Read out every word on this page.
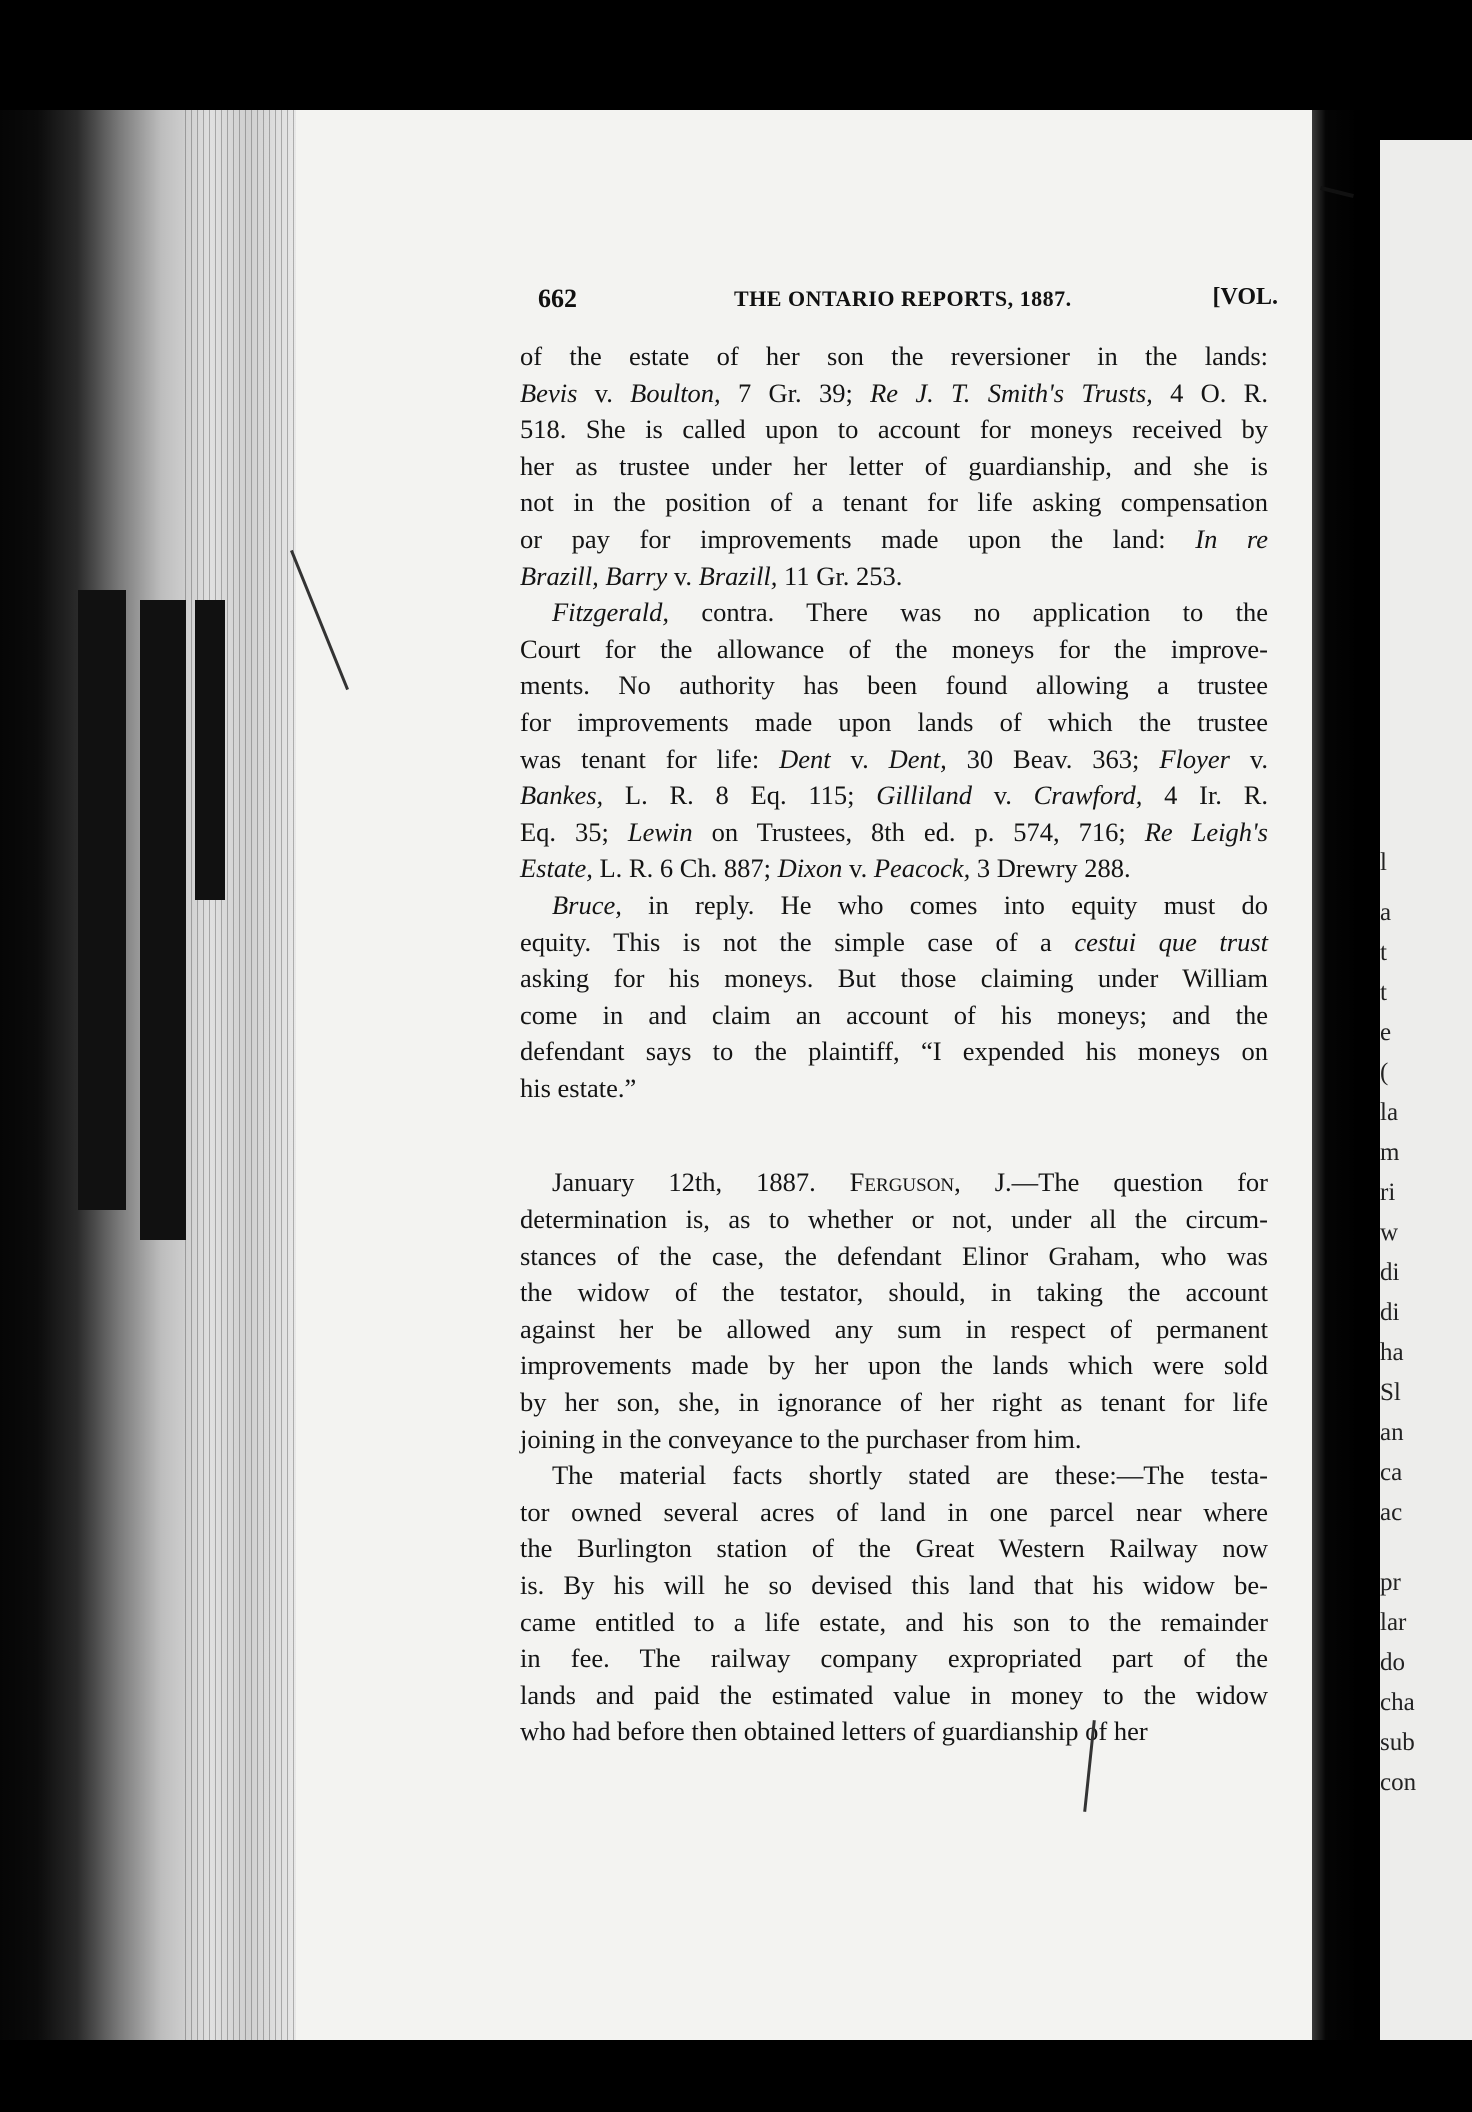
l
a
t
t
e
(
la
m
ri
w
di
di
ha
Sl
an
ca
ac
pr
lar
do
cha
sub
con
662	THE ONTARIO REPORTS, 1887.	[VOL.
of the estate of her son the reversioner in the lands:
Bevis v. Boulton, 7 Gr. 39; Re J. T. Smith's Trusts, 4 O. R.
518. She is called upon to account for moneys received by
her as trustee under her letter of guardianship, and she is
not in the position of a tenant for life asking compensation
or pay for improvements made upon the land: In re
Brazill, Barry v. Brazill, 11 Gr. 253.
Fitzgerald, contra. There was no application to the
Court for the allowance of the moneys for the improve-
ments. No authority has been found allowing a trustee
for improvements made upon lands of which the trustee
was tenant for life: Dent v. Dent, 30 Beav. 363; Floyer v.
Bankes, L. R. 8 Eq. 115; Gilliland v. Crawford, 4 Ir. R.
Eq. 35; Lewin on Trustees, 8th ed. p. 574, 716; Re Leigh's
Estate, L. R. 6 Ch. 887; Dixon v. Peacock, 3 Drewry 288.
Bruce, in reply. He who comes into equity must do
equity. This is not the simple case of a cestui que trust
asking for his moneys. But those claiming under William
come in and claim an account of his moneys; and the
defendant says to the plaintiff, “I expended his moneys on
his estate.”
January 12th, 1887. Ferguson, J.—The question for
determination is, as to whether or not, under all the circum-
stances of the case, the defendant Elinor Graham, who was
the widow of the testator, should, in taking the account
against her be allowed any sum in respect of permanent
improvements made by her upon the lands which were sold
by her son, she, in ignorance of her right as tenant for life
joining in the conveyance to the purchaser from him.
The material facts shortly stated are these:—The testa-
tor owned several acres of land in one parcel near where
the Burlington station of the Great Western Railway now
is. By his will he so devised this land that his widow be-
came entitled to a life estate, and his son to the remainder
in fee. The railway company expropriated part of the
lands and paid the estimated value in money to the widow
who had before then obtained letters of guardianship of her
